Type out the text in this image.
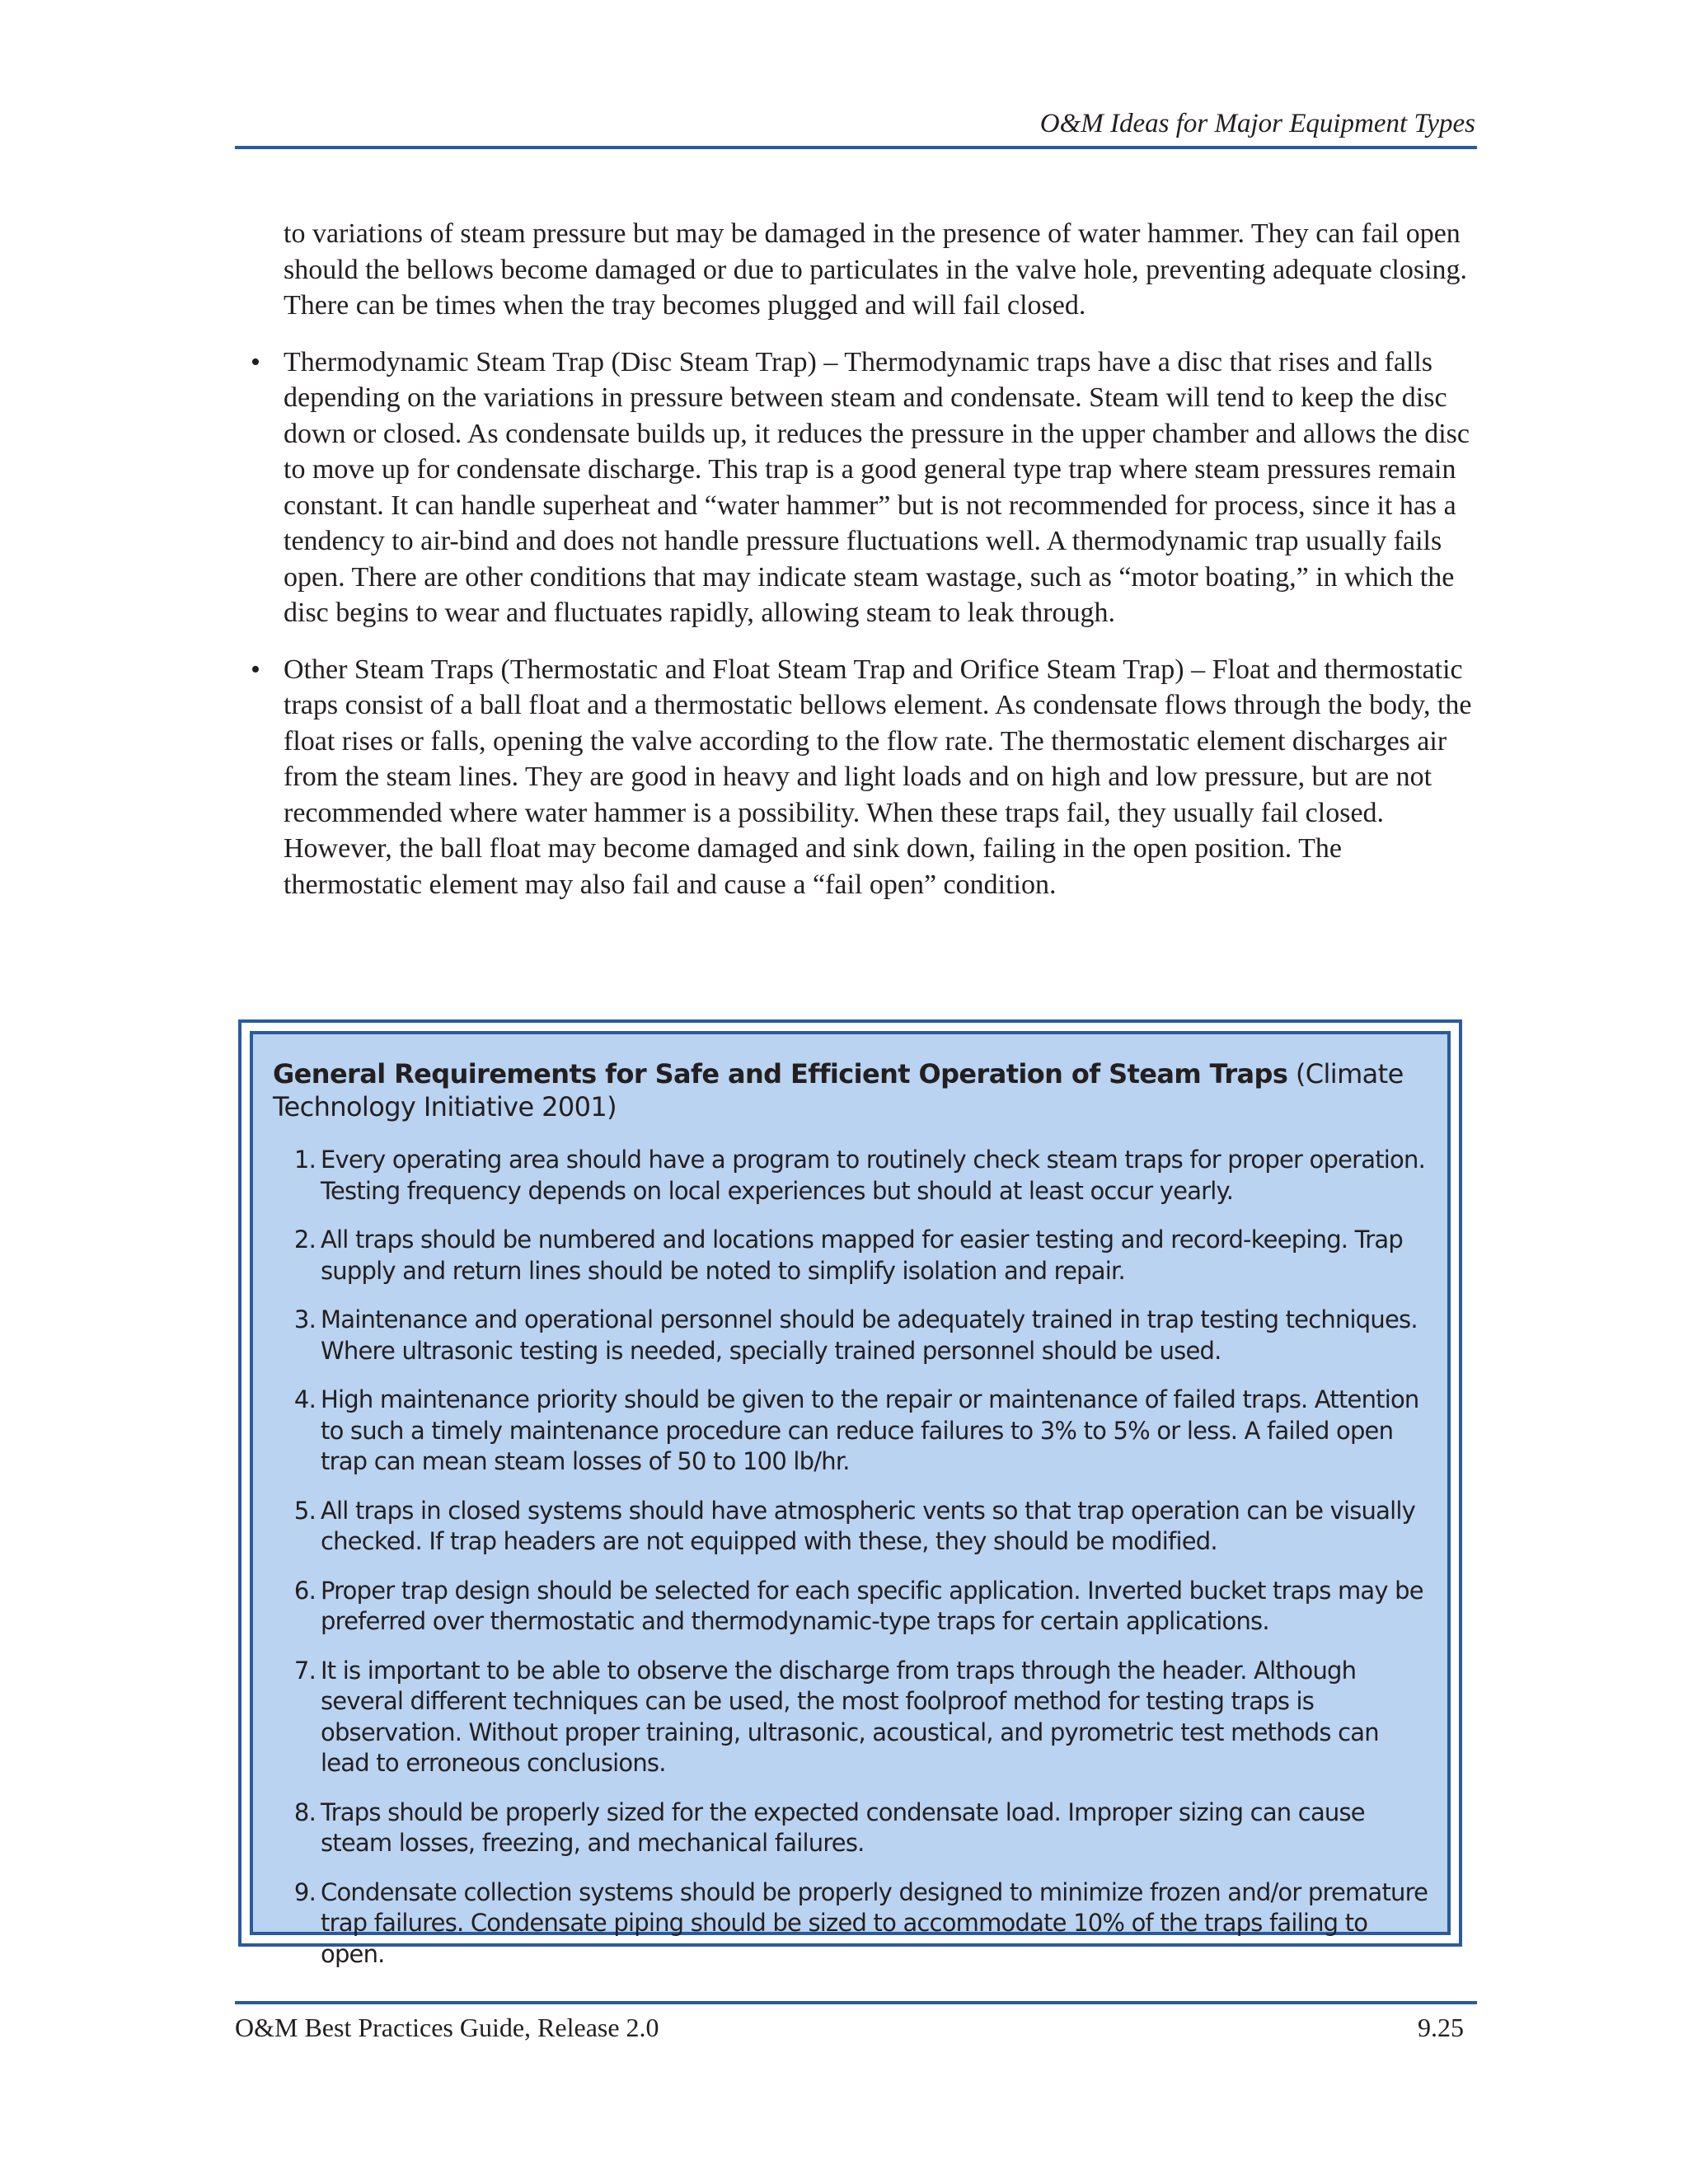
O&M Ideas for Major Equipment Types

to variations of steam pressure but may be damaged in the presence of water hammer. They can fail open should the bellows become damaged or due to particulates in the valve hole, preventing adequate closing. There can be times when the tray becomes plugged and will fail closed.

• Thermodynamic Steam Trap (Disc Steam Trap) – Thermodynamic traps have a disc that rises and falls depending on the variations in pressure between steam and condensate. Steam will tend to keep the disc down or closed. As condensate builds up, it reduces the pressure in the upper chamber and allows the disc to move up for condensate discharge. This trap is a good general type trap where steam pressures remain constant. It can handle superheat and “water hammer” but is not recommended for process, since it has a tendency to air-bind and does not handle pressure fluctuations well. A thermodynamic trap usually fails open. There are other conditions that may indicate steam wastage, such as “motor boating,” in which the disc begins to wear and fluctuates rapidly, allowing steam to leak through.
• Other Steam Traps (Thermostatic and Float Steam Trap and Orifice Steam Trap) – Float and thermostatic traps consist of a ball float and a thermostatic bellows element. As condensate flows through the body, the float rises or falls, opening the valve according to the flow rate. The thermostatic element discharges air from the steam lines. They are good in heavy and light loads and on high and low pressure, but are not recommended where water hammer is a possibility. When these traps fail, they usually fail closed. However, the ball float may become damaged and sink down, failing in the open position. The thermostatic element may also fail and cause a “fail open” condition.
General Requirements for Safe and Efficient Operation of Steam Traps (Climate Technology Initiative 2001)
1. Every operating area should have a program to routinely check steam traps for proper operation. Testing frequency depends on local experiences but should at least occur yearly.
2. All traps should be numbered and locations mapped for easier testing and record-keeping. Trap supply and return lines should be noted to simplify isolation and repair.
3. Maintenance and operational personnel should be adequately trained in trap testing techniques. Where ultrasonic testing is needed, specially trained personnel should be used.
4. High maintenance priority should be given to the repair or maintenance of failed traps. Attention to such a timely maintenance procedure can reduce failures to 3% to 5% or less. A failed open trap can mean steam losses of 50 to 100 lb/hr.
5. All traps in closed systems should have atmospheric vents so that trap operation can be visually checked. If trap headers are not equipped with these, they should be modified.
6. Proper trap design should be selected for each specific application. Inverted bucket traps may be preferred over thermostatic and thermodynamic-type traps for certain applications.
7. It is important to be able to observe the discharge from traps through the header. Although several different techniques can be used, the most foolproof method for testing traps is observation. Without proper training, ultrasonic, acoustical, and pyrometric test methods can lead to erroneous conclusions.
8. Traps should be properly sized for the expected condensate load. Improper sizing can cause steam losses, freezing, and mechanical failures.
9. Condensate collection systems should be properly designed to minimize frozen and/or premature trap failures. Condensate piping should be sized to accommodate 10% of the traps failing to open.
O&M Best Practices Guide, Release 2.0	9.25
